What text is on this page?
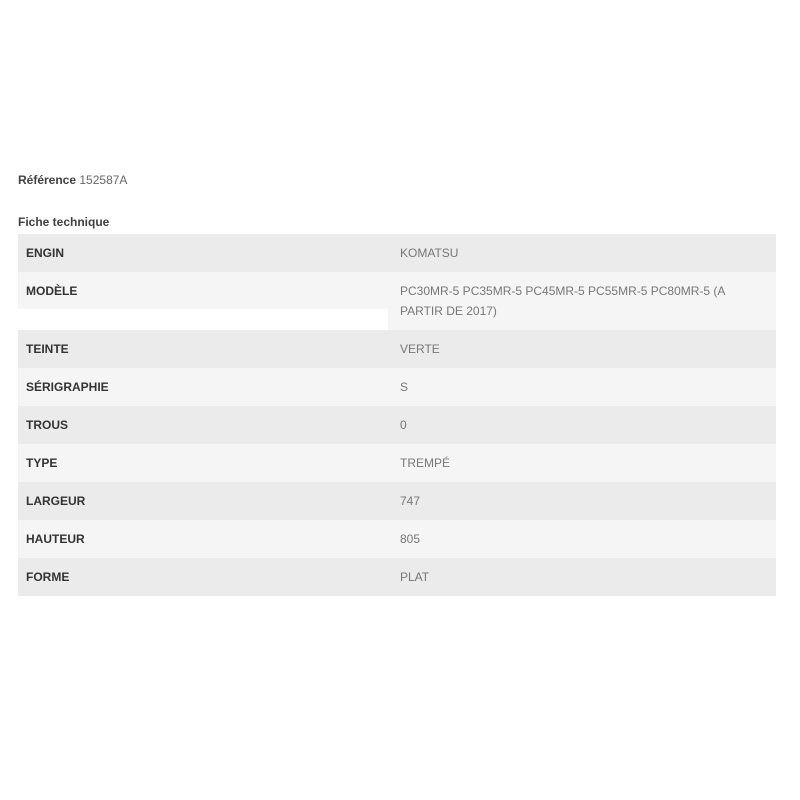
Référence 152587A

Fiche technique
ENGIN	KOMATSU
MODÈLE	PC30MR-5 PC35MR-5 PC45MR-5 PC55MR-5 PC80MR-5 (A PARTIR DE 2017)
TEINTE	VERTE
SÉRIGRAPHIE	S
TROUS	0
TYPE	TREMPÉ
LARGEUR	747
HAUTEUR	805
FORME	PLAT
